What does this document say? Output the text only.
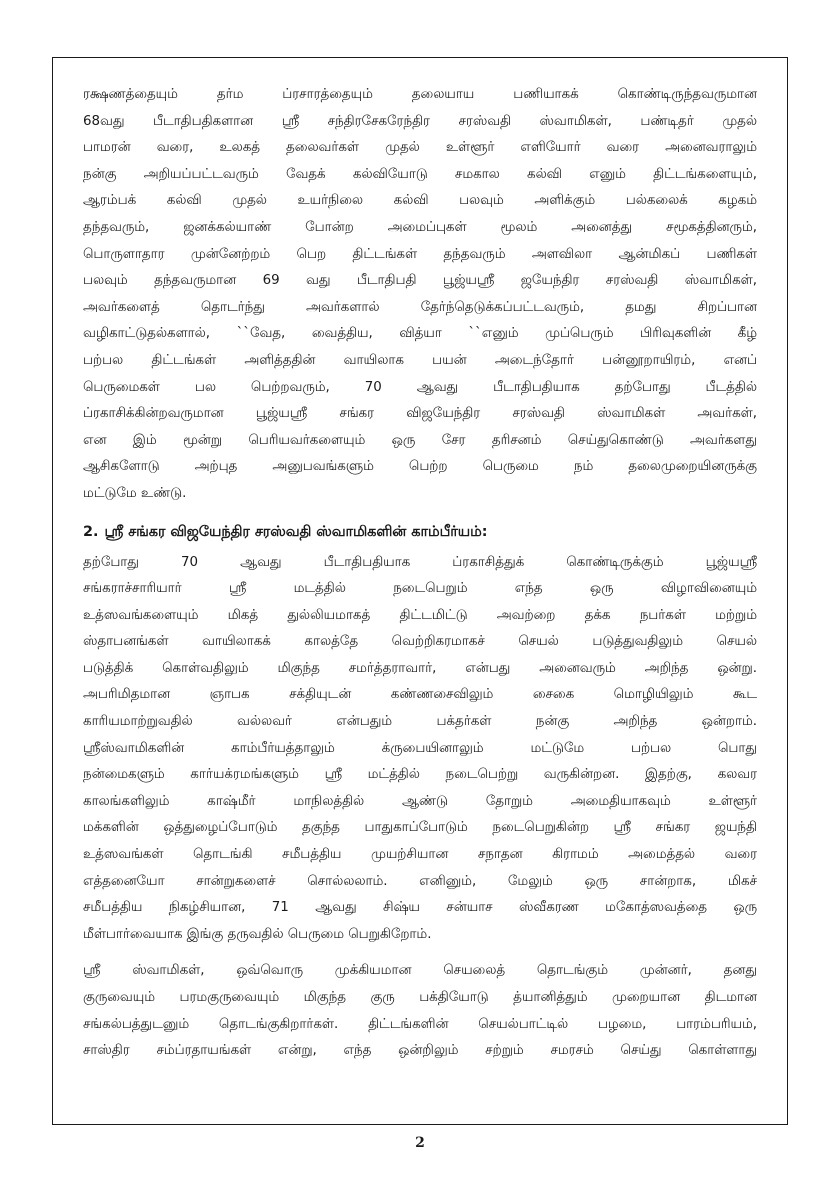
ரக்ஷணத்தையும் தர்ம ப்ரசாரத்தையும் தலையாய பணியாகக் கொண்டிருந்தவருமான
68வது பீடாதிபதிகளான ஸ்ரீ சந்திரசேகரேந்திர சரஸ்வதி ஸ்வாமிகள், பண்டிதர் முதல்
பாமரன் வரை, உலகத் தலைவர்கள் முதல் உள்ளூர் எளியோர் வரை அனைவராலும்
நன்கு அறியப்பட்டவரும் வேதக் கல்வியோடு சமகால கல்வி எனும் திட்டங்களையும்,
ஆரம்பக் கல்வி முதல் உயர்நிலை கல்வி பலவும் அளிக்கும் பல்கலைக் கழகம்
தந்தவரும், ஜனக்கல்யாண் போன்ற அமைப்புகள் மூலம் அனைத்து சமூகத்தினரும்,
பொருளாதார முன்னேற்றம் பெற திட்டங்கள் தந்தவரும் அளவிலா ஆன்மிகப் பணிகள்
பலவும் தந்தவருமான 69 வது பீடாதிபதி பூஜ்யஸ்ரீ ஜயேந்திர சரஸ்வதி ஸ்வாமிகள்,
அவர்களைத் தொடர்ந்து அவர்களால் தேர்ந்தெடுக்கப்பட்டவரும், தமது சிறப்பான
வழிகாட்டுதல்களால், ``வேத, வைத்திய, வித்யா ``எனும் முப்பெரும் பிரிவுகளின் கீழ்
பற்பல திட்டங்கள் அளித்ததின் வாயிலாக பயன் அடைந்தோர் பன்னூறாயிரம், எனப்
பெருமைகள் பல பெற்றவரும், 70 ஆவது பீடாதிபதியாக தற்போது பீடத்தில்
ப்ரகாசிக்கின்றவருமான பூஜ்யஸ்ரீ சங்கர விஜயேந்திர சரஸ்வதி ஸ்வாமிகள் அவர்கள்,
என இம் மூன்று பெரியவர்களையும் ஒரு சேர தரிசனம் செய்துகொண்டு அவர்களது
ஆசிகளோடு அற்புத அனுபவங்களும் பெற்ற பெருமை நம் தலைமுறையினருக்கு
மட்டுமே உண்டு.

2. ஸ்ரீ சங்கர விஜயேந்திர சரஸ்வதி ஸ்வாமிகளின் காம்பீர்யம்:

தற்போது 70 ஆவது பீடாதிபதியாக ப்ரகாசித்துக் கொண்டிருக்கும் பூஜ்யஸ்ரீ
சங்கராச்சாரியார் ஸ்ரீ மடத்தில் நடைபெறும் எந்த ஒரு விழாவினையும்
உத்ஸவங்களையும் மிகத் துல்லியமாகத் திட்டமிட்டு அவற்றை தக்க நபர்கள் மற்றும்
ஸ்தாபனங்கள் வாயிலாகக் காலத்தே வெற்றிகரமாகச் செயல் படுத்துவதிலும் செயல்
படுத்திக் கொள்வதிலும் மிகுந்த சமர்த்தராவார், என்பது அனைவரும் அறிந்த ஒன்று.
அபரிமிதமான ஞாபக சக்தியுடன் கண்ணசைவிலும் சைகை மொழியிலும் கூட
காரியமாற்றுவதில் வல்லவர் என்பதும் பக்தர்கள் நன்கு அறிந்த ஒன்றாம்.
ஸ்ரீஸ்வாமிகளின் காம்பீர்யத்தாலும் க்ருபையினாலும் மட்டுமே பற்பல பொது
நன்மைகளும் கார்யக்ரமங்களும் ஸ்ரீ மட்த்தில் நடைபெற்று வருகின்றன. இதற்கு, கலவர
காலங்களிலும் காஷ்மீர் மாநிலத்தில் ஆண்டு தோறும் அமைதியாகவும் உள்ளூர்
மக்களின் ஒத்துழைப்போடும் தகுந்த பாதுகாப்போடும் நடைபெறுகின்ற ஸ்ரீ சங்கர ஜயந்தி
உத்ஸவங்கள் தொடங்கி சமீபத்திய முயற்சியான சநாதன கிராமம் அமைத்தல் வரை
எத்தனையோ சான்றுகளைச் சொல்லலாம். எனினும், மேலும் ஒரு சான்றாக, மிகச்
சமீபத்திய நிகழ்சியான, 71 ஆவது சிஷ்ய சன்யாச ஸ்வீகரண மகோத்ஸவத்தை ஒரு
மீள்பார்வையாக இங்கு தருவதில் பெருமை பெறுகிறோம்.

ஸ்ரீ ஸ்வாமிகள், ஒவ்வொரு முக்கியமான செயலைத் தொடங்கும் முன்னர், தனது
குருவையும் பரமகுருவையும் மிகுந்த குரு பக்தியோடு த்யானித்தும் முறையான திடமான
சங்கல்பத்துடனும் தொடங்குகிறார்கள். திட்டங்களின் செயல்பாட்டில் பழமை, பாரம்பரியம்,
சாஸ்திர சம்ப்ரதாயங்கள் என்று, எந்த ஒன்றிலும் சற்றும் சமரசம் செய்து கொள்ளாது

2
